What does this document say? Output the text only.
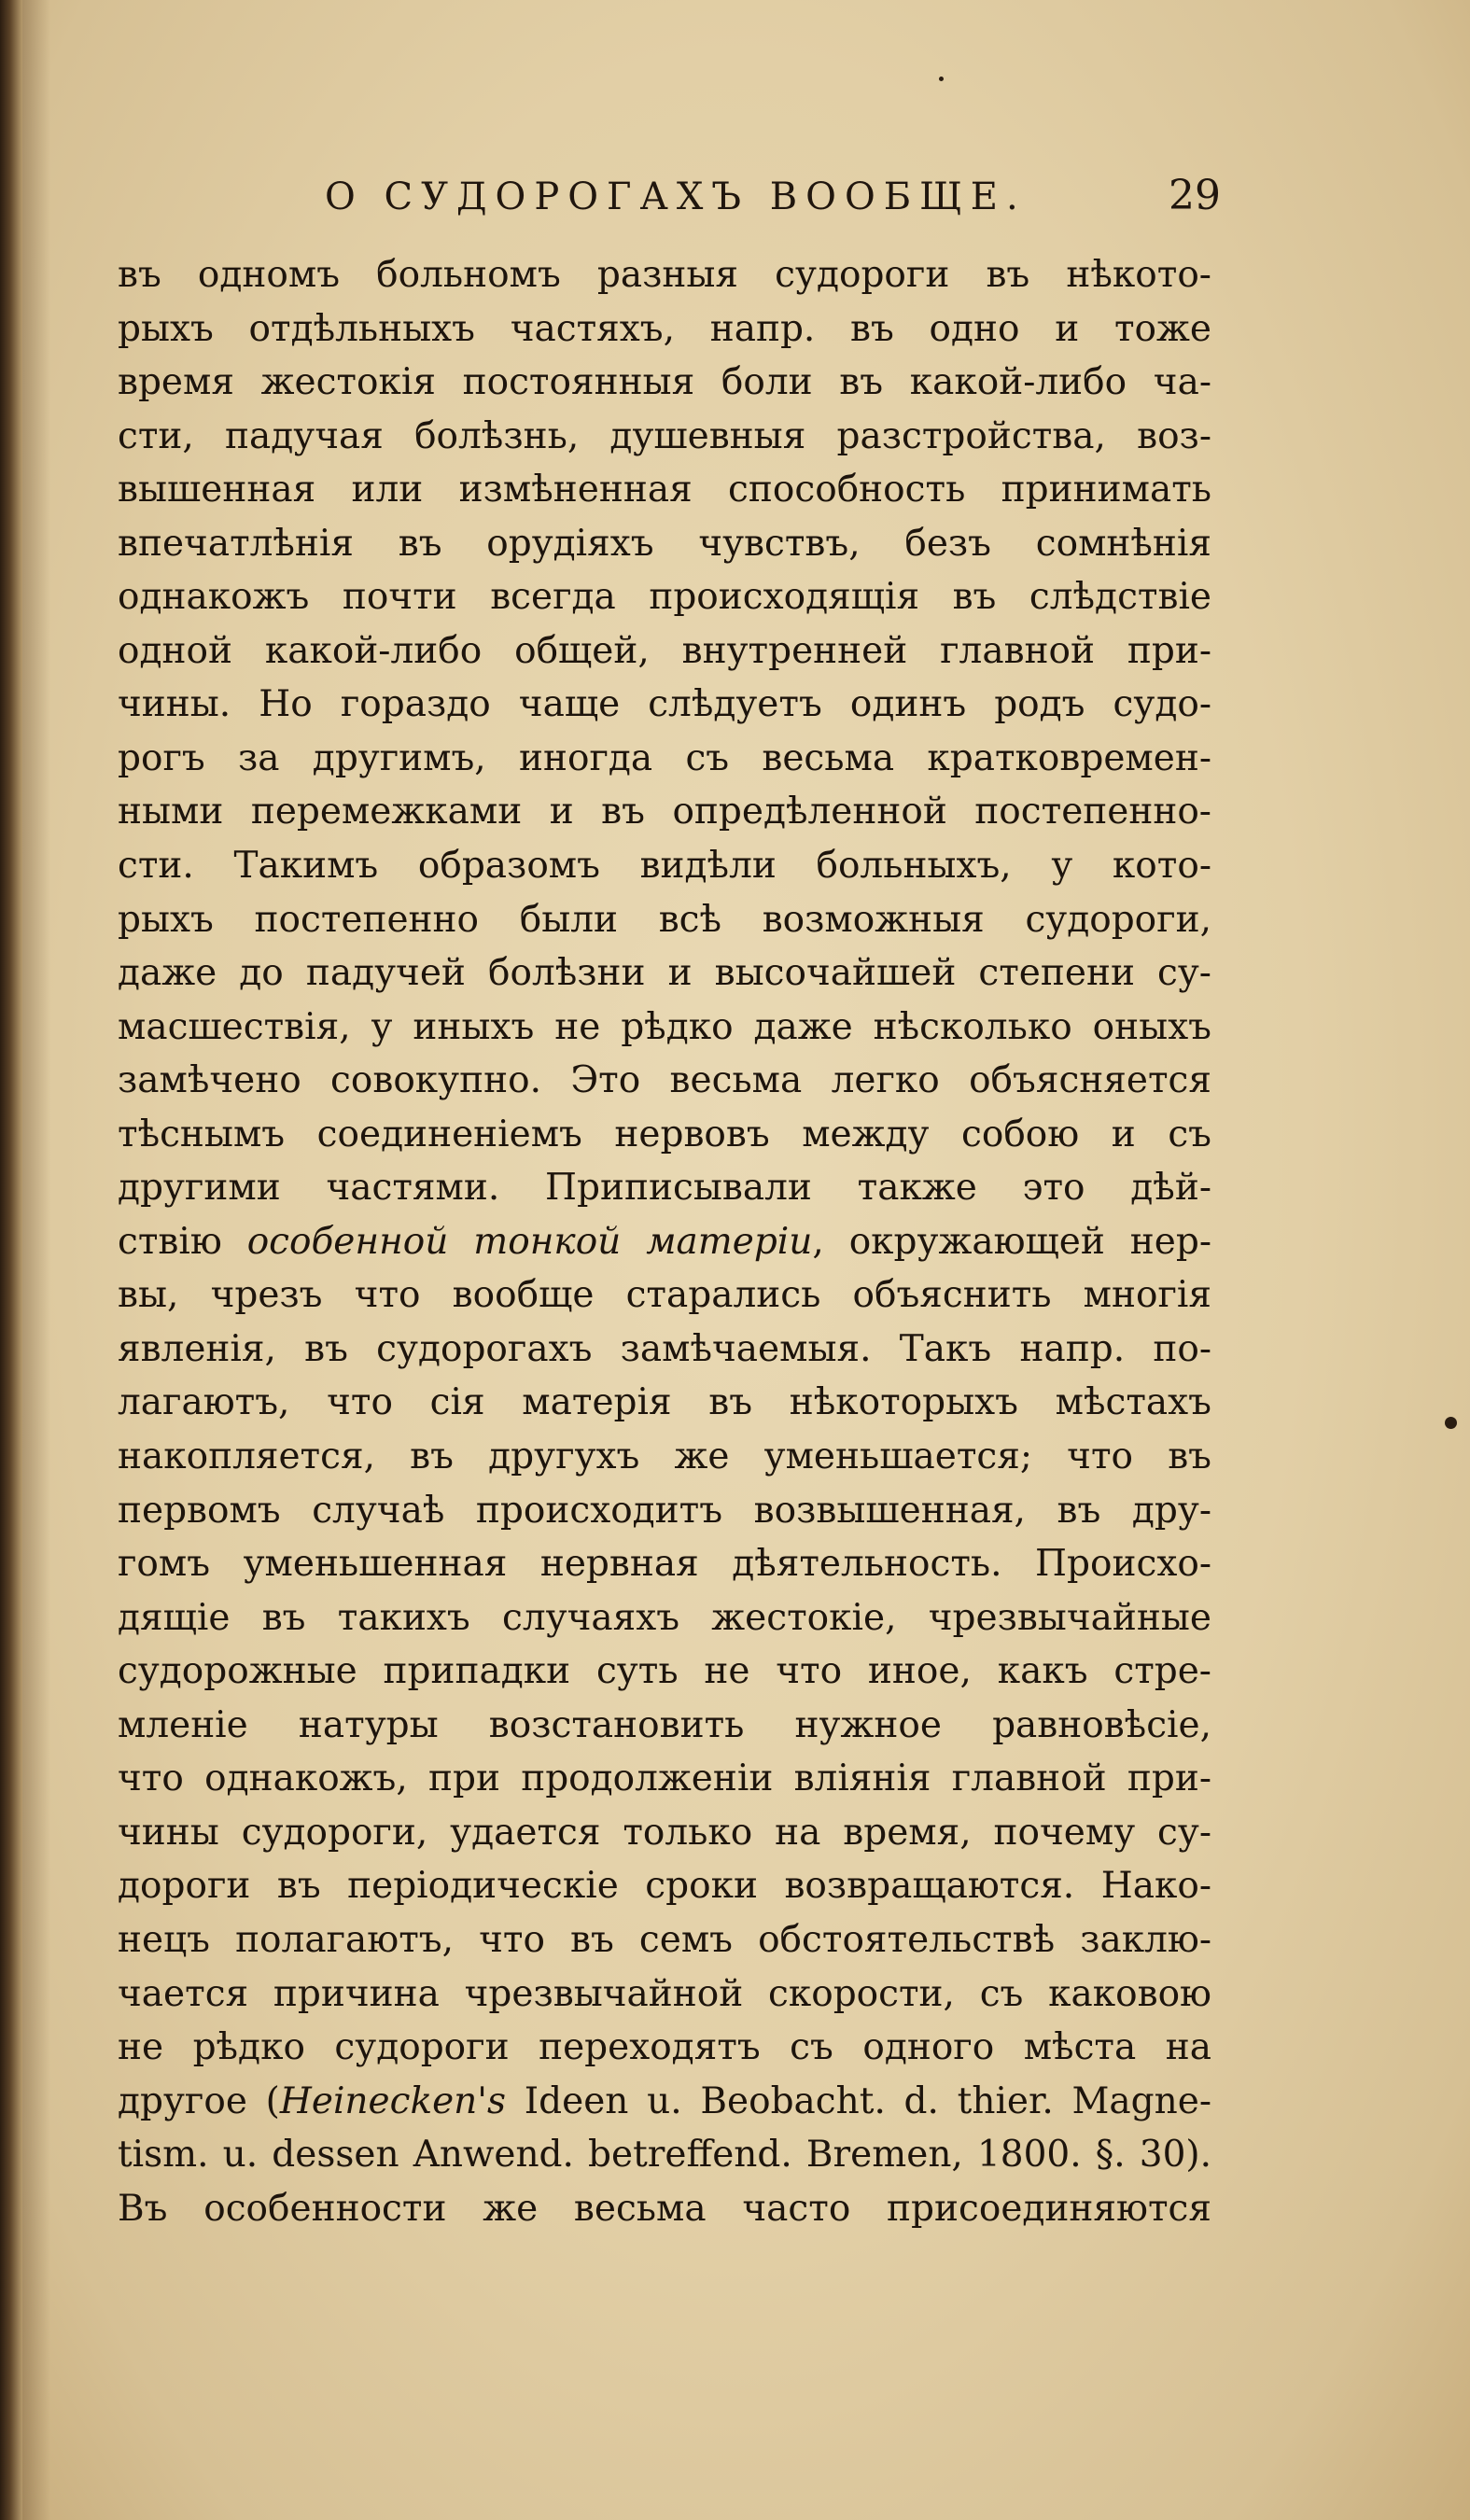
О СУДОРОГАХЪ ВООБЩЕ.	29
въ одномъ больномъ разныя судороги въ нѣкото-
рыхъ отдѣльныхъ частяхъ, напр. въ одно и тоже
время жестокія постоянныя боли въ какой-либо ча-
сти, падучая болѣзнь, душевныя разстройства, воз-
вышенная или измѣненная способность принимать
впечатлѣнія въ орудіяхъ чувствъ, безъ сомнѣнія
однакожъ почти всегда происходящія въ слѣдствіе
одной какой-либо общей, внутренней главной при-
чины. Но гораздо чаще слѣдуетъ одинъ родъ судо-
рогъ за другимъ, иногда съ весьма кратковремен-
ными перемежками и въ опредѣленной постепенно-
сти. Такимъ образомъ видѣли больныхъ, у кото-
рыхъ постепенно были всѣ возможныя судороги,
даже до падучей болѣзни и высочайшей степени су-
масшествія, у иныхъ не рѣдко даже нѣсколько оныхъ
замѣчено совокупно. Это весьма легко объясняется
тѣснымъ соединеніемъ нервовъ между собою и съ
другими частями. Приписывали также это дѣй-
ствію особенной тонкой матеріи, окружающей нер-
вы, чрезъ что вообще старались объяснить многія
явленія, въ судорогахъ замѣчаемыя. Такъ напр. по-
лагаютъ, что сія матерія въ нѣкоторыхъ мѣстахъ
накопляется, въ другухъ же уменьшается; что въ
первомъ случаѣ происходитъ возвышенная, въ дру-
гомъ уменьшенная нервная дѣятельность. Происхо-
дящіе въ такихъ случаяхъ жестокіе, чрезвычайные
судорожные припадки суть не что иное, какъ стре-
мленіе натуры возстановить нужное равновѣсіе,
что однакожъ, при продолженіи вліянія главной при-
чины судороги, удается только на время, почему су-
дороги въ періодическіе сроки возвращаются. Нако-
нецъ полагаютъ, что въ семъ обстоятельствѣ заклю-
чается причина чрезвычайной скорости, съ каковою
не рѣдко судороги переходятъ съ одного мѣста на
другое (Heinecken's Ideen u. Beobacht. d. thier. Magne-
tism. u. dessen Anwend. betreffend. Bremen, 1800. §. 30).
Въ особенности же весьма часто присоединяются
